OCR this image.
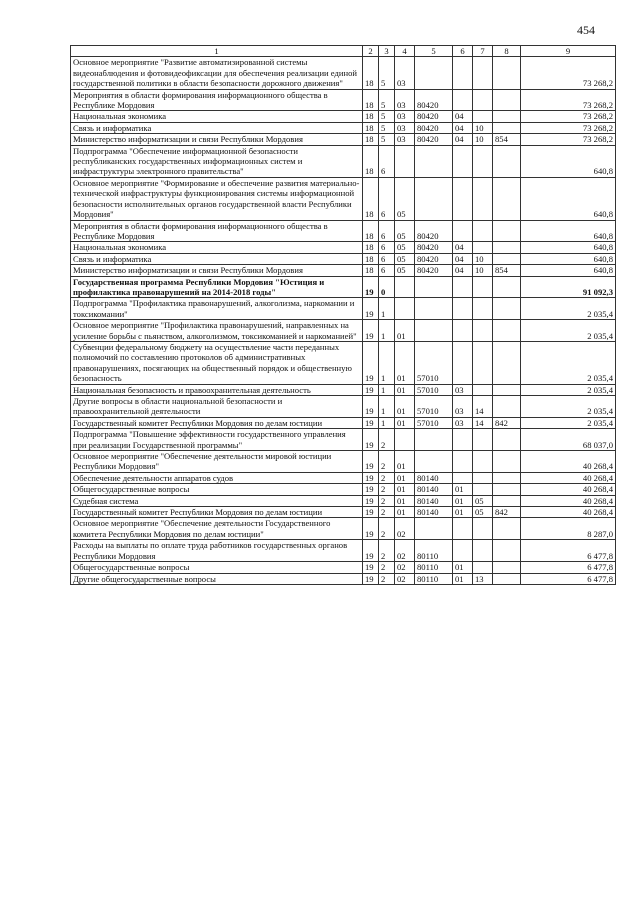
454
1	2	3	4	5	6	7	8	9
Основное мероприятие "Развитие автоматизированной системы видеонаблюдения и фотовидеофиксации для обеспечения реализации единой государственной политики в области безопасности дорожного движения"	18	5	03					73 268,2
Мероприятия в области формирования информационного общества в Республике Мордовия	18	5	03	80420				73 268,2
Национальная экономика	18	5	03	80420	04			73 268,2
Связь и информатика	18	5	03	80420	04	10		73 268,2
Министерство информатизации и связи Республики Мордовия	18	5	03	80420	04	10	854	73 268,2
Подпрограмма "Обеспечение информационной безопасности республиканских государственных информационных систем и инфраструктуры электронного правительства"	18	6						640,8
Основное мероприятие "Формирование и обеспечение развития материально-технической инфраструктуры функционирования системы информационной безопасности исполнительных органов государственной власти Республики Мордовия"	18	6	05					640,8
Мероприятия в области формирования информационного общества в Республике Мордовия	18	6	05	80420				640,8
Национальная экономика	18	6	05	80420	04			640,8
Связь и информатика	18	6	05	80420	04	10		640,8
Министерство информатизации и связи Республики Мордовия	18	6	05	80420	04	10	854	640,8
Государственная программа Республики Мордовия "Юстиция и профилактика правонарушений на 2014-2018 годы"	19	0						91 092,3
Подпрограмма "Профилактика правонарушений, алкоголизма, наркомании и токсикомании"	19	1						2 035,4
Основное мероприятие "Профилактика правонарушений, направленных на усиление борьбы с пьянством, алкоголизмом, токсикоманией и наркоманией"	19	1	01					2 035,4
Субвенции федеральному бюджету на осуществление части переданных полномочий по составлению протоколов об административных правонарушениях, посягающих на общественный порядок и общественную безопасность	19	1	01	57010				2 035,4
Национальная безопасность и правоохранительная деятельность	19	1	01	57010	03			2 035,4
Другие вопросы в области национальной безопасности и правоохранительной деятельности	19	1	01	57010	03	14		2 035,4
Государственный комитет Республики Мордовия по делам юстиции	19	1	01	57010	03	14	842	2 035,4
Подпрограмма "Повышение эффективности государственного управления при реализации Государственной программы"	19	2						68 037,0
Основное мероприятие "Обеспечение деятельности мировой юстиции Республики Мордовия"	19	2	01					40 268,4
Обеспечение деятельности аппаратов судов	19	2	01	80140				40 268,4
Общегосударственные вопросы	19	2	01	80140	01			40 268,4
Судебная система	19	2	01	80140	01	05		40 268,4
Государственный комитет Республики Мордовия по делам юстиции	19	2	01	80140	01	05	842	40 268,4
Основное мероприятие "Обеспечение деятельности Государственного комитета Республики Мордовия по делам юстиции"	19	2	02					8 287,0
Расходы на выплаты по оплате труда работников государственных органов Республики Мордовия	19	2	02	80110				6 477,8
Общегосударственные вопросы	19	2	02	80110	01			6 477,8
Другие общегосударственные вопросы	19	2	02	80110	01	13		6 477,8
